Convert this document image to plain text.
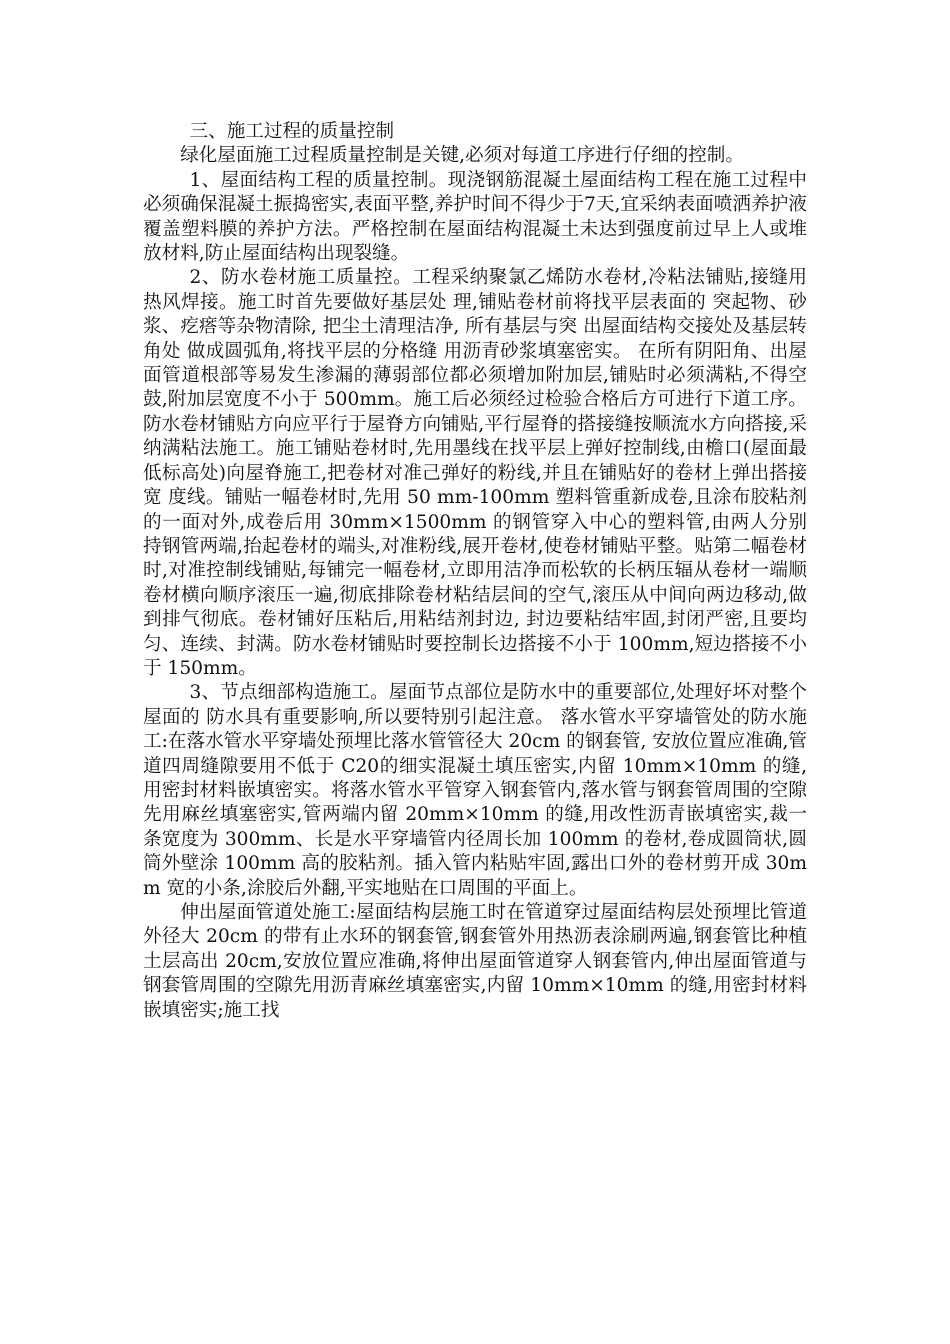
三、施工过程的质量控制

绿化屋面施工过程质量控制是关键,必须对每道工序进行仔细的控制。

1、屋面结构工程的质量控制。现浇钢筋混凝土屋面结构工程在施工过程中必须确保混凝土振捣密实,表面平整,养护时间不得少于7天,宜采纳表面喷洒养护液覆盖塑料膜的养护方法。严格控制在屋面结构混凝土未达到强度前过早上人或堆放材料,防止屋面结构出现裂缝。

2、防水卷材施工质量控。工程采纳聚氯乙烯防水卷材,冷粘法铺贴,接缝用热风焊接。施工时首先要做好基层处 理,铺贴卷材前将找平层表面的 突起物、砂浆、疙瘩等杂物清除, 把尘土清理洁净, 所有基层与突 出屋面结构交接处及基层转角处 做成圆弧角,将找平层的分格缝 用沥青砂浆填塞密实。 在所有阴阳角、出屋面管道根部等易发生渗漏的薄弱部位都必须增加附加层,铺贴时必须满粘,不得空鼓,附加层宽度不小于 500mm。施工后必须经过检验合格后方可进行下道工序。 防水卷材铺贴方向应平行于屋脊方向铺贴,平行屋脊的搭接缝按顺流水方向搭接,采纳满粘法施工。施工铺贴卷材时,先用墨线在找平层上弹好控制线,由檐口(屋面最低标高处)向屋脊施工,把卷材对准己弹好的粉线,并且在铺贴好的卷材上弹出搭接宽 度线。铺贴一幅卷材时,先用 50 mm-100mm 塑料管重新成卷,且涂布胶粘剂的一面对外,成卷后用 30mm×1500mm 的钢管穿入中心的塑料管,由两人分别持钢管两端,抬起卷材的端头,对准粉线,展开卷材,使卷材铺贴平整。贴第二幅卷材时,对准控制线铺贴,每铺完一幅卷材,立即用洁净而松软的长柄压辐从卷材一端顺卷材横向顺序滚压一遍,彻底排除卷材粘结层间的空气,滚压从中间向两边移动,做到排气彻底。卷材铺好压粘后,用粘结剂封边, 封边要粘结牢固,封闭严密,且要均匀、连续、封满。防水卷材铺贴时要控制长边搭接不小于 100mm,短边搭接不小于 150mm。

3、节点细部构造施工。屋面节点部位是防水中的重要部位,处理好坏对整个屋面的 防水具有重要影响,所以要特别引起注意。 落水管水平穿墙管处的防水施工:在落水管水平穿墙处预埋比落水管管径大 20cm 的钢套管, 安放位置应准确,管道四周缝隙要用不低于 C20的细实混凝土填压密实,内留 10mm×10mm 的缝, 用密封材料嵌填密实。将落水管水平管穿入钢套管内,落水管与钢套管周围的空隙先用麻丝填塞密实,管两端内留 20mm×10mm 的缝,用改性沥青嵌填密实,裁一条宽度为 300mm、长是水平穿墙管内径周长加 100mm 的卷材,卷成圆筒状,圆筒外壁涂 100mm 高的胶粘剂。插入管内粘贴牢固,露出口外的卷材剪开成 30mm 宽的小条,涂胶后外翻,平实地贴在口周围的平面上。

伸出屋面管道处施工:屋面结构层施工时在管道穿过屋面结构层处预埋比管道外径大 20cm 的带有止水环的钢套管,钢套管外用热沥表涂刷两遍,钢套管比种植土层高出 20cm,安放位置应准确,将伸出屋面管道穿人钢套管内,伸出屋面管道与钢套管周围的空隙先用沥青麻丝填塞密实,内留 10mm×10mm 的缝,用密封材料嵌填密实;施工找
